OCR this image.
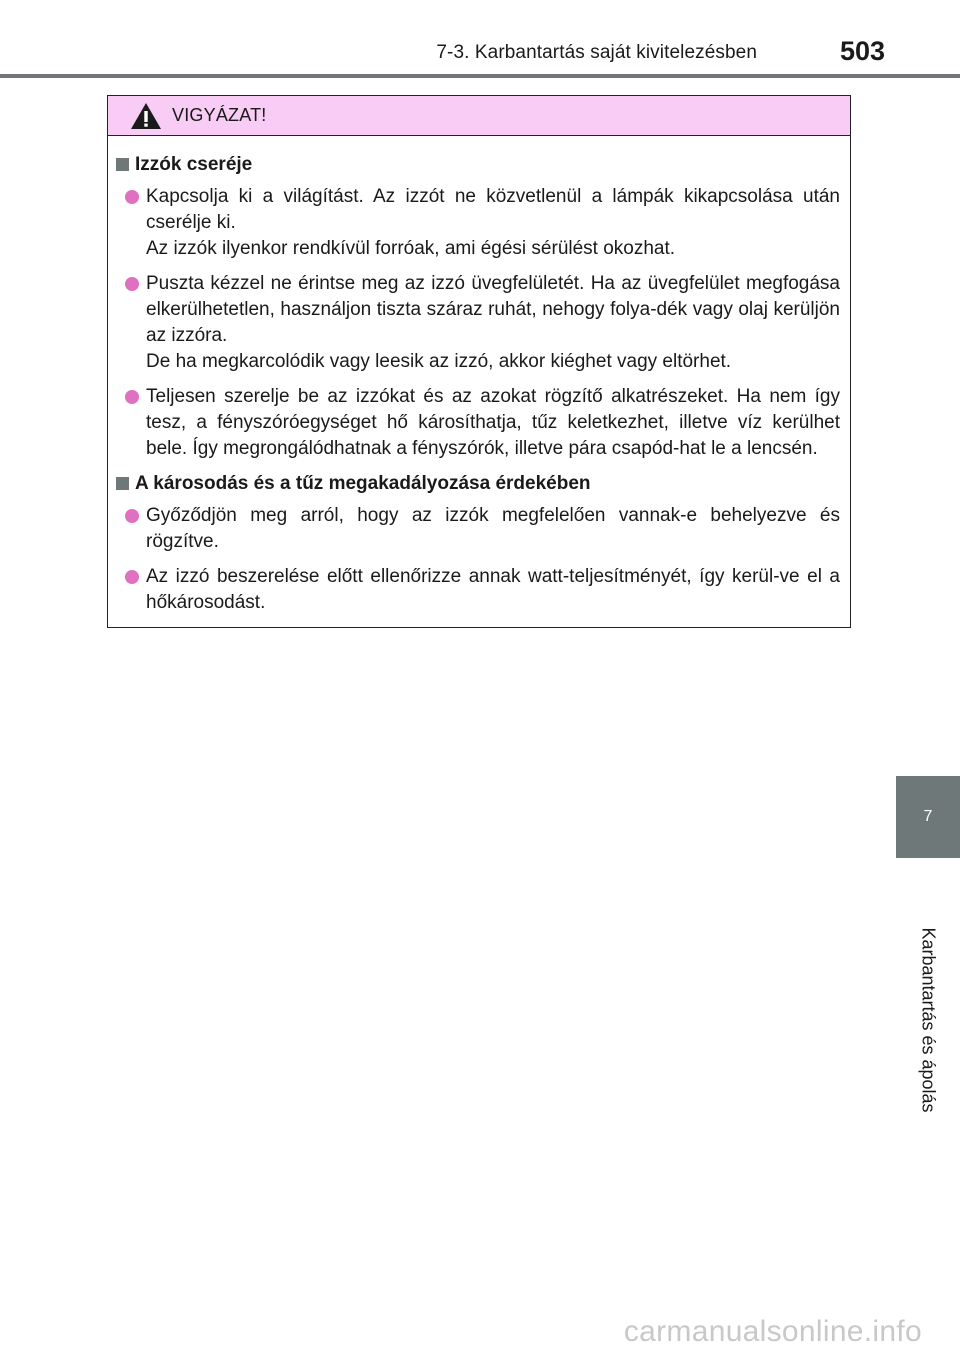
7-3. Karbantartás saját kivitelezésben	503
7
Karbantartás és ápolás
VIGYÁZAT!
Izzók cseréje

Kapcsolja ki a világítást. Az izzót ne közvetlenül a lámpák kikapcsolása után cserélje ki.

Az izzók ilyenkor rendkívül forróak, ami égési sérülést okozhat.

Puszta kézzel ne érintse meg az izzó üvegfelületét. Ha az üvegfelület megfogása elkerülhetetlen, használjon tiszta száraz ruhát, nehogy folya-dék vagy olaj kerüljön az izzóra.

De ha megkarcolódik vagy leesik az izzó, akkor kiéghet vagy eltörhet.

Teljesen szerelje be az izzókat és az azokat rögzítő alkatrészeket. Ha nem így tesz, a fényszóróegységet hő károsíthatja, tűz keletkezhet, illetve víz kerülhet bele. Így megrongálódhatnak a fényszórók, illetve pára csapód-hat le a lencsén.

A károsodás és a tűz megakadályozása érdekében

Győződjön meg arról, hogy az izzók megfelelően vannak-e behelyezve és rögzítve.

Az izzó beszerelése előtt ellenőrizze annak watt-teljesítményét, így kerül-ve el a hőkárosodást.

carmanualsonline.info
